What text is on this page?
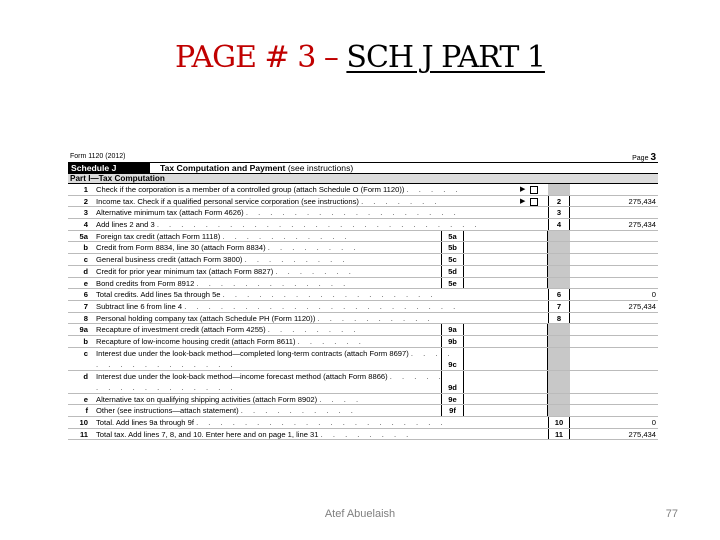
PAGE # 3 – SCH J PART 1
Form 1120 (2012)	Page 3
Schedule J	Tax Computation and Payment (see instructions)
Part I—Tax Computation
1 Check if the corporation is a member of a controlled group (attach Schedule O (Form 1120)) . . . . .	▶
2 Income tax. Check if a qualified personal service corporation (see instructions) . . . . . . .	▶	2	275,434
3 Alternative minimum tax (attach Form 4626) . . . . . . . . . . . . . . . . . .	3
4 Add lines 2 and 3 . . . . . . . . . . . . . . . . . . . . . . . . . . .	4	275,434
5a Foreign tax credit (attach Form 1118) . . . . . . . . . . .	5a
b Credit from Form 8834, line 30 (attach Form 8834) . . . . . . . .	5b
c General business credit (attach Form 3800) . . . . . . . . .	5c
d Credit for prior year minimum tax (attach Form 8827) . . . . . . .	5d
e Bond credits from Form 8912 . . . . . . . . . . . . .	5e
6 Total credits. Add lines 5a through 5e . . . . . . . . . . . . . . . . . .	6	0
7 Subtract line 6 from line 4 . . . . . . . . . . . . . . . . . . . . . . .	7	275,434
8 Personal holding company tax (attach Schedule PH (Form 1120)) . . . . . . . . . .	8
9a Recapture of investment credit (attach Form 4255) . . . . . . . .	9a
b Recapture of low-income housing credit (attach Form 8611) . . . . . .	9b
c Interest due under the look-back method—completed long-term contracts (attach Form 8697) . . . . . . . . . . . . . . . .	9c
d Interest due under the look-back method—income forecast method (attach Form 8866) . . . . . . . . . . . . . . . . .	9d
e Alternative tax on qualifying shipping activities (attach Form 8902) . . . .	9e
f Other (see instructions—attach statement) . . . . . . . . . .	9f
10 Total. Add lines 9a through 9f . . . . . . . . . . . . . . . . . . . . .	10	0
11 Total tax. Add lines 7, 8, and 10. Enter here and on page 1, line 31 . . . . . . . .	11	275,434
Atef Abuelaish	77
